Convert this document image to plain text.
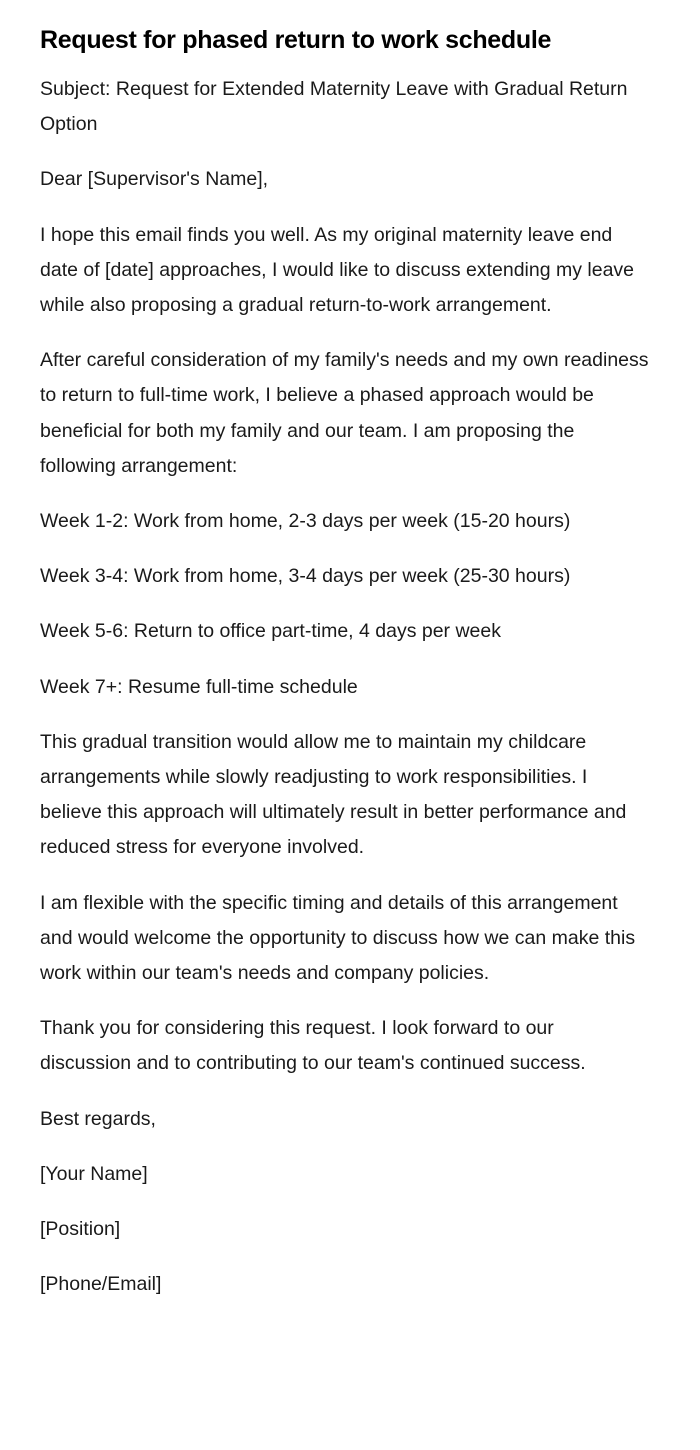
Request for phased return to work schedule

Subject: Request for Extended Maternity Leave with Gradual Return Option

Dear [Supervisor's Name],

I hope this email finds you well. As my original maternity leave end date of [date] approaches, I would like to discuss extending my leave while also proposing a gradual return-to-work arrangement.

After careful consideration of my family's needs and my own readiness to return to full-time work, I believe a phased approach would be beneficial for both my family and our team. I am proposing the following arrangement:

Week 1-2: Work from home, 2-3 days per week (15-20 hours)

Week 3-4: Work from home, 3-4 days per week (25-30 hours)

Week 5-6: Return to office part-time, 4 days per week

Week 7+: Resume full-time schedule

This gradual transition would allow me to maintain my childcare arrangements while slowly readjusting to work responsibilities. I believe this approach will ultimately result in better performance and reduced stress for everyone involved.

I am flexible with the specific timing and details of this arrangement and would welcome the opportunity to discuss how we can make this work within our team's needs and company policies.

Thank you for considering this request. I look forward to our discussion and to contributing to our team's continued success.

Best regards,

[Your Name]

[Position]

[Phone/Email]
